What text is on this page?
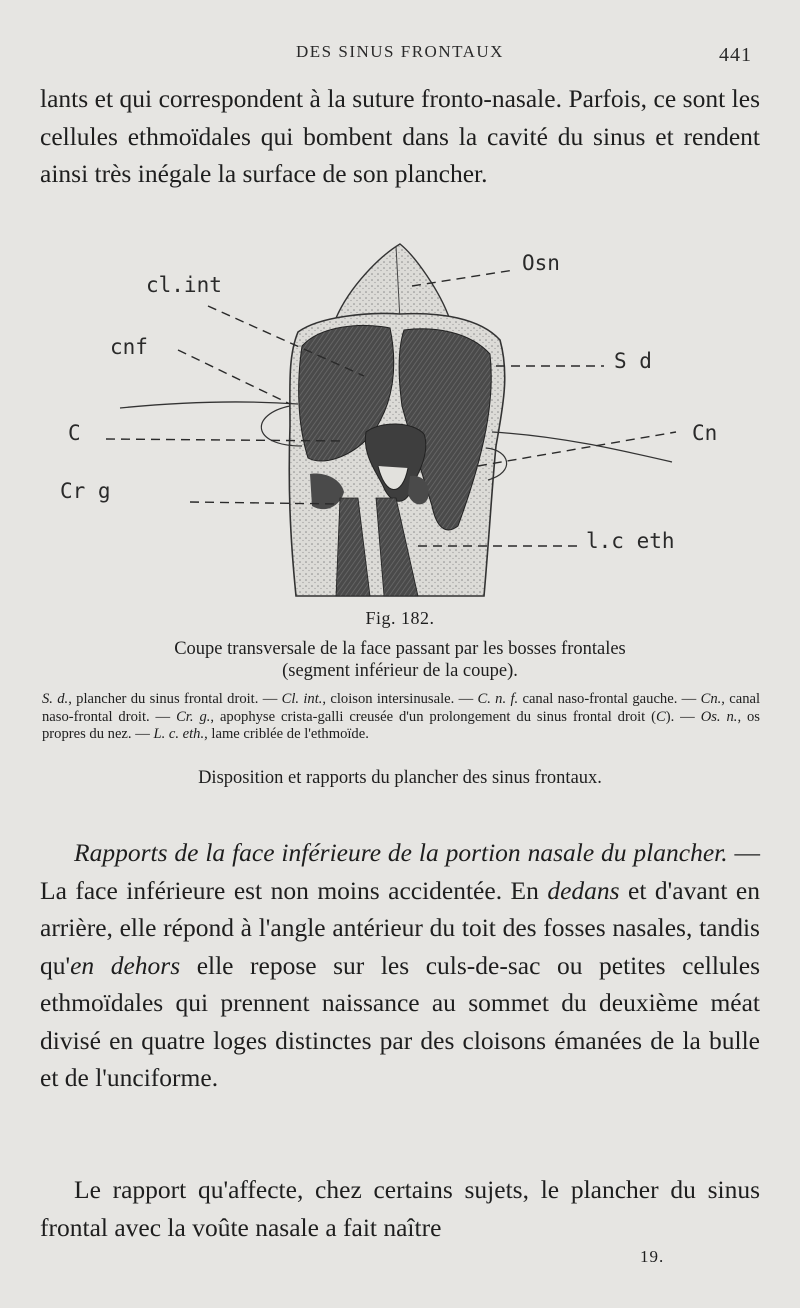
DES SINUS FRONTAUX	441
lants et qui correspondent à la suture fronto-nasale. Parfois, ce sont les cellules ethmoïdales qui bombent dans la cavité du sinus et rendent ainsi très inégale la surface de son plancher.
cl.int
cnf
C
Cr g
Osn
S d
Cn
l.c eth
Fig. 182.
Coupe transversale de la face passant par les bosses frontales
(segment inférieur de la coupe).
S. d., plancher du sinus frontal droit. — Cl. int., cloison intersinusale. — C. n. f. canal naso-frontal gauche. — Cn., canal naso-frontal droit. — Cr. g., apophyse crista-galli creusée d'un prolongement du sinus frontal droit (C). — Os. n., os propres du nez. — L. c. eth., lame criblée de l'ethmoïde.
Disposition et rapports du plancher des sinus frontaux.
Rapports de la face inférieure de la portion nasale du plancher. — La face inférieure est non moins accidentée. En dedans et d'avant en arrière, elle répond à l'angle antérieur du toit des fosses nasales, tandis qu'en dehors elle repose sur les culs-de-sac ou petites cellules ethmoïdales qui prennent naissance au sommet du deuxième méat divisé en quatre loges distinctes par des cloisons émanées de la bulle et de l'unciforme.
Le rapport qu'affecte, chez certains sujets, le plancher du sinus frontal avec la voûte nasale a fait naître
19.
